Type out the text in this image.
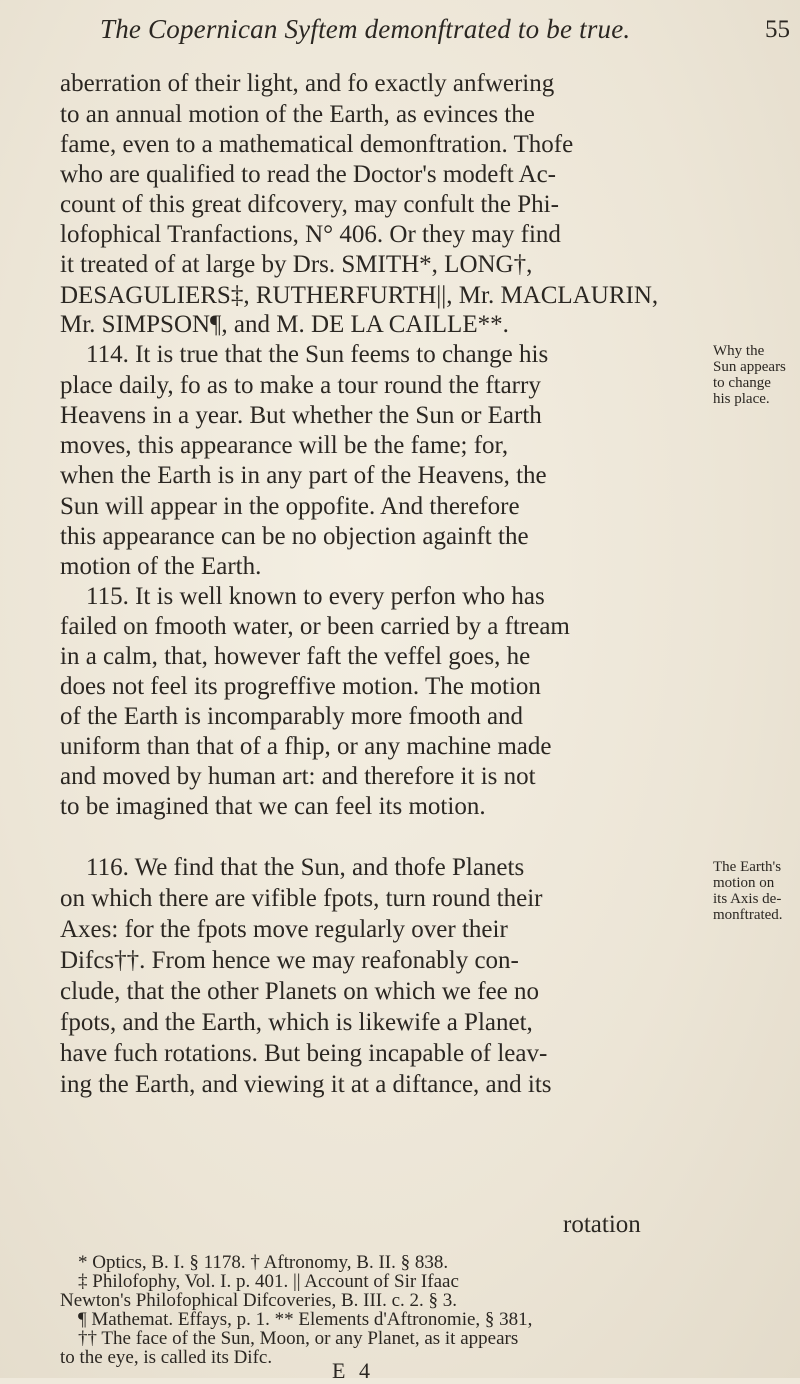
The Copernican Syftem demonftrated to be true.	55
aberration of their light, and fo exactly anfwering
to an annual motion of the Earth, as evinces the
fame, even to a mathematical demonftration. Thofe
who are qualified to read the Doctor's modeft Ac-
count of this great difcovery, may confult the Phi-
lofophical Tranfactions, N° 406. Or they may find
it treated of at large by Drs. SMITH*, LONG†,
DESAGULIERS‡, RUTHERFURTH||, Mr. MACLAURIN,
Mr. SIMPSON¶, and M. DE LA CAILLE**.
114. It is true that the Sun feems to change his
place daily, fo as to make a tour round the ftarry
Heavens in a year. But whether the Sun or Earth
moves, this appearance will be the fame; for,
when the Earth is in any part of the Heavens, the
Sun will appear in the oppofite. And therefore
this appearance can be no objection againft the
motion of the Earth.
115. It is well known to every perfon who has
failed on fmooth water, or been carried by a ftream
in a calm, that, however faft the veffel goes, he
does not feel its progreffive motion. The motion
of the Earth is incomparably more fmooth and
uniform than that of a fhip, or any machine made
and moved by human art: and therefore it is not
to be imagined that we can feel its motion.
116. We find that the Sun, and thofe Planets
on which there are vifible fpots, turn round their
Axes: for the fpots move regularly over their
Difcs††. From hence we may reafonably con-
clude, that the other Planets on which we fee no
fpots, and the Earth, which is likewife a Planet,
have fuch rotations. But being incapable of leav-
ing the Earth, and viewing it at a diftance, and its
rotation
Why the
Sun appears
to change
his place.
The Earth's
motion on
its Axis de-
monftrated.
* Optics, B. I. § 1178. † Aftronomy, B. II. § 838.
‡ Philofophy, Vol. I. p. 401. || Account of Sir Ifaac
Newton's Philofophical Difcoveries, B. III. c. 2. § 3.
¶ Mathemat. Effays, p. 1. ** Elements d'Aftronomie, § 381,
†† The face of the Sun, Moon, or any Planet, as it appears
to the eye, is called its Difc.
E 4
